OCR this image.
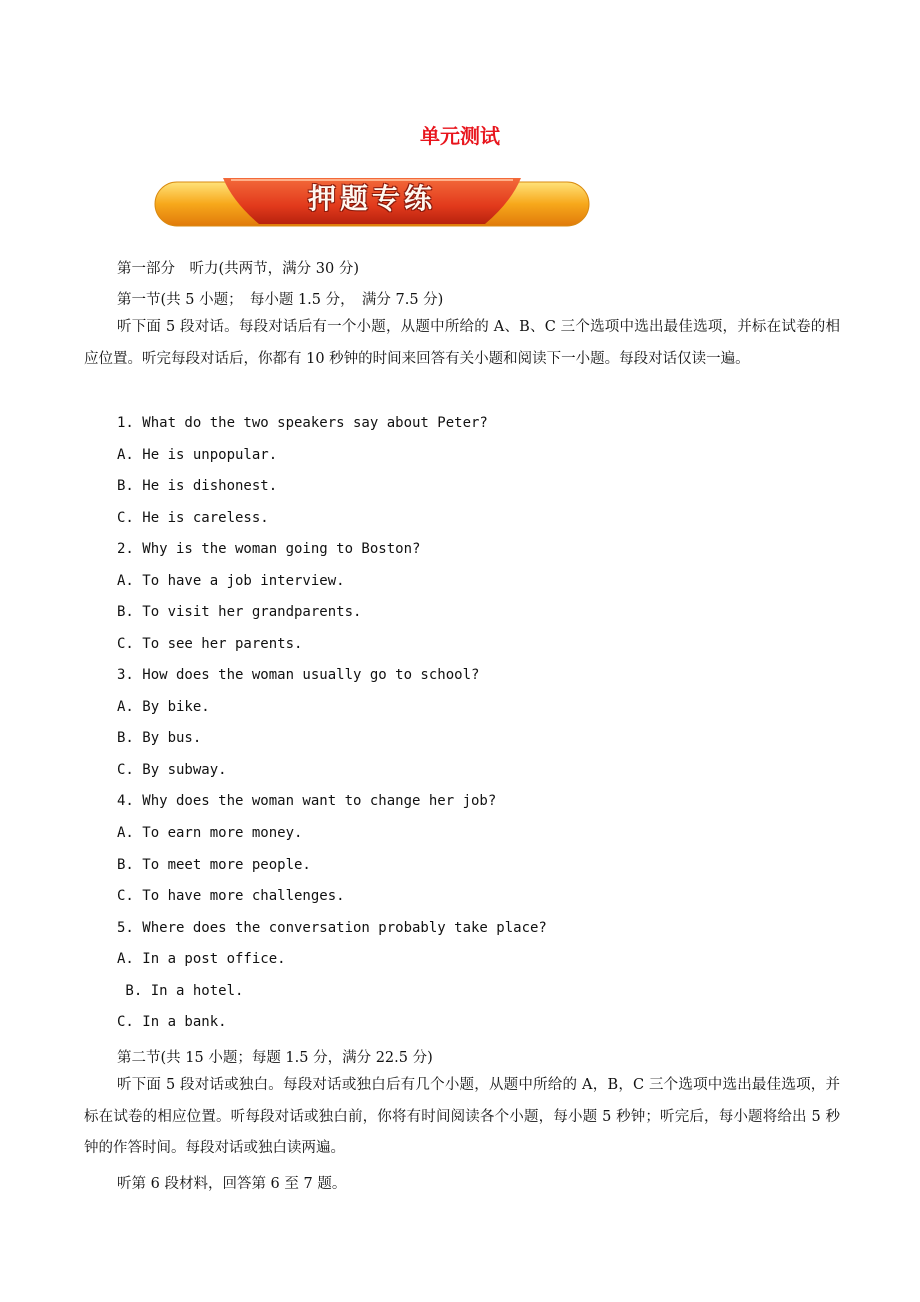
单元测试
押题专练
第一部分　听力(共两节，满分 30 分)
第一节(共 5 小题；　每小题 1.5 分，　满分 7.5 分)
听下面 5 段对话。每段对话后有一个小题，从题中所给的 A、B、C 三个选项中选出最佳选项，并标在试卷的相应位置。听完每段对话后，你都有 10 秒钟的时间来回答有关小题和阅读下一小题。每段对话仅读一遍。
1. What do the two speakers say about Peter?
A. He is unpopular.
B. He is dishonest.
C. He is careless.
2. Why is the woman going to Boston?
A. To have a job interview.
B. To visit her grandparents.
C. To see her parents.
3. How does the woman usually go to school?
A. By bike.
B. By bus.
C. By subway.
4. Why does the woman want to change her job?
A. To earn more money.
B. To meet more people.
C. To have more challenges.
5. Where does the conversation probably take place?
A. In a post office.
B. In a hotel.
C. In a bank.
第二节(共 15 小题；每题 1.5 分，满分 22.5 分)
听下面 5 段对话或独白。每段对话或独白后有几个小题，从题中所给的 A，B，C 三个选项中选出最佳选项，并标在试卷的相应位置。听每段对话或独白前，你将有时间阅读各个小题，每小题 5 秒钟；听完后，每小题将给出 5 秒钟的作答时间。每段对话或独白读两遍。
听第 6 段材料，回答第 6 至 7 题。
